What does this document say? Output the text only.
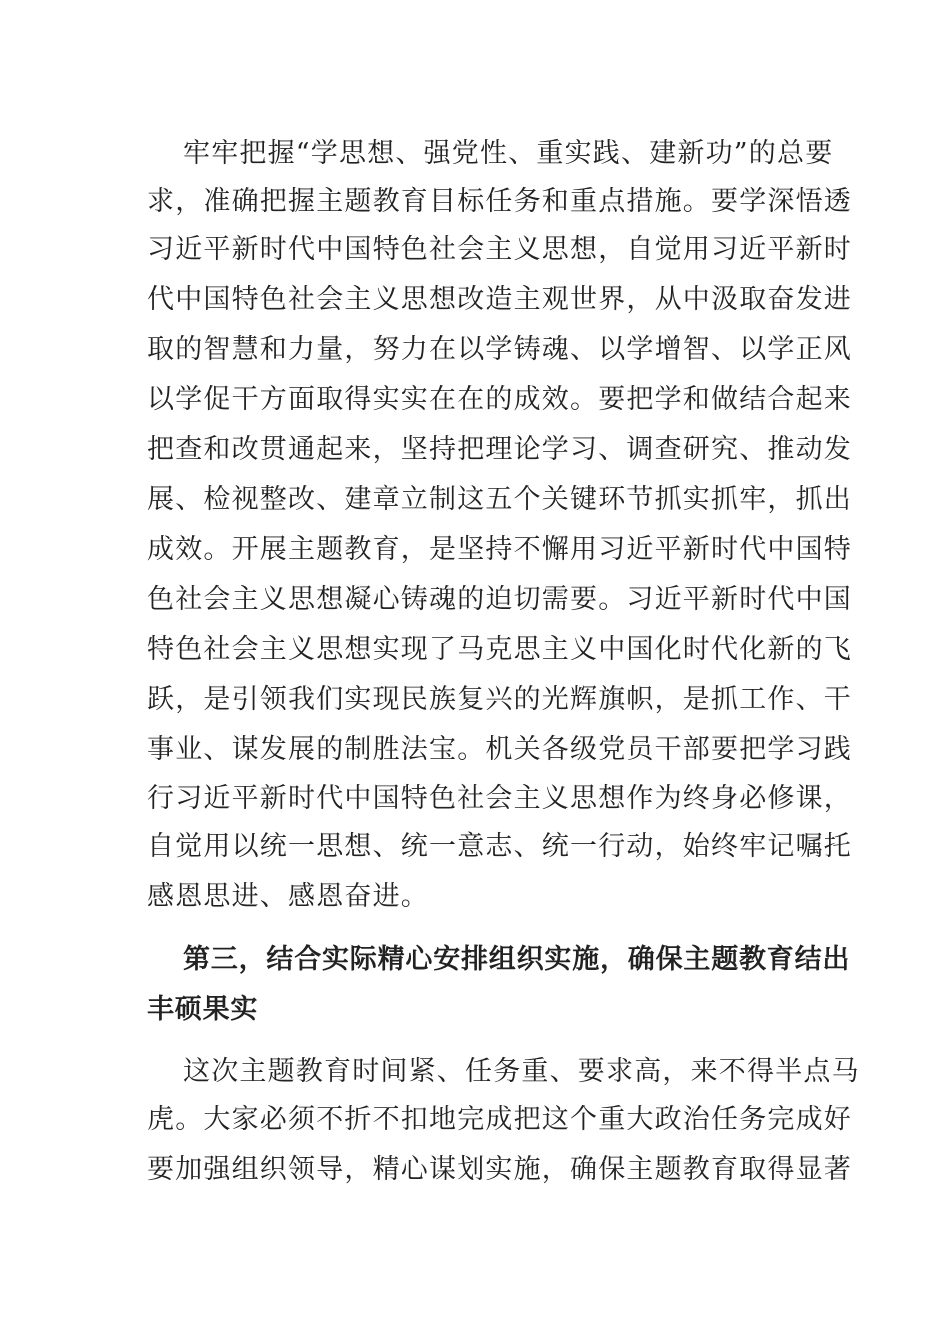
牢牢把握“学思想、强党性、重实践、建新功”的总要
求，准确把握主题教育目标任务和重点措施。要学深悟透
习近平新时代中国特色社会主义思想，自觉用习近平新时
代中国特色社会主义思想改造主观世界，从中汲取奋发进
取的智慧和力量，努力在以学铸魂、以学增智、以学正风
以学促干方面取得实实在在的成效。要把学和做结合起来
把查和改贯通起来，坚持把理论学习、调查研究、推动发
展、检视整改、建章立制这五个关键环节抓实抓牢，抓出
成效。开展主题教育，是坚持不懈用习近平新时代中国特
色社会主义思想凝心铸魂的迫切需要。习近平新时代中国
特色社会主义思想实现了马克思主义中国化时代化新的飞
跃，是引领我们实现民族复兴的光辉旗帜，是抓工作、干
事业、谋发展的制胜法宝。机关各级党员干部要把学习践
行习近平新时代中国特色社会主义思想作为终身必修课，
自觉用以统一思想、统一意志、统一行动，始终牢记嘱托
感恩思进、感恩奋进。
第三，结合实际精心安排组织实施，确保主题教育结出
丰硕果实
这次主题教育时间紧、任务重、要求高，来不得半点马
虎。大家必须不折不扣地完成把这个重大政治任务完成好
要加强组织领导，精心谋划实施，确保主题教育取得显著
